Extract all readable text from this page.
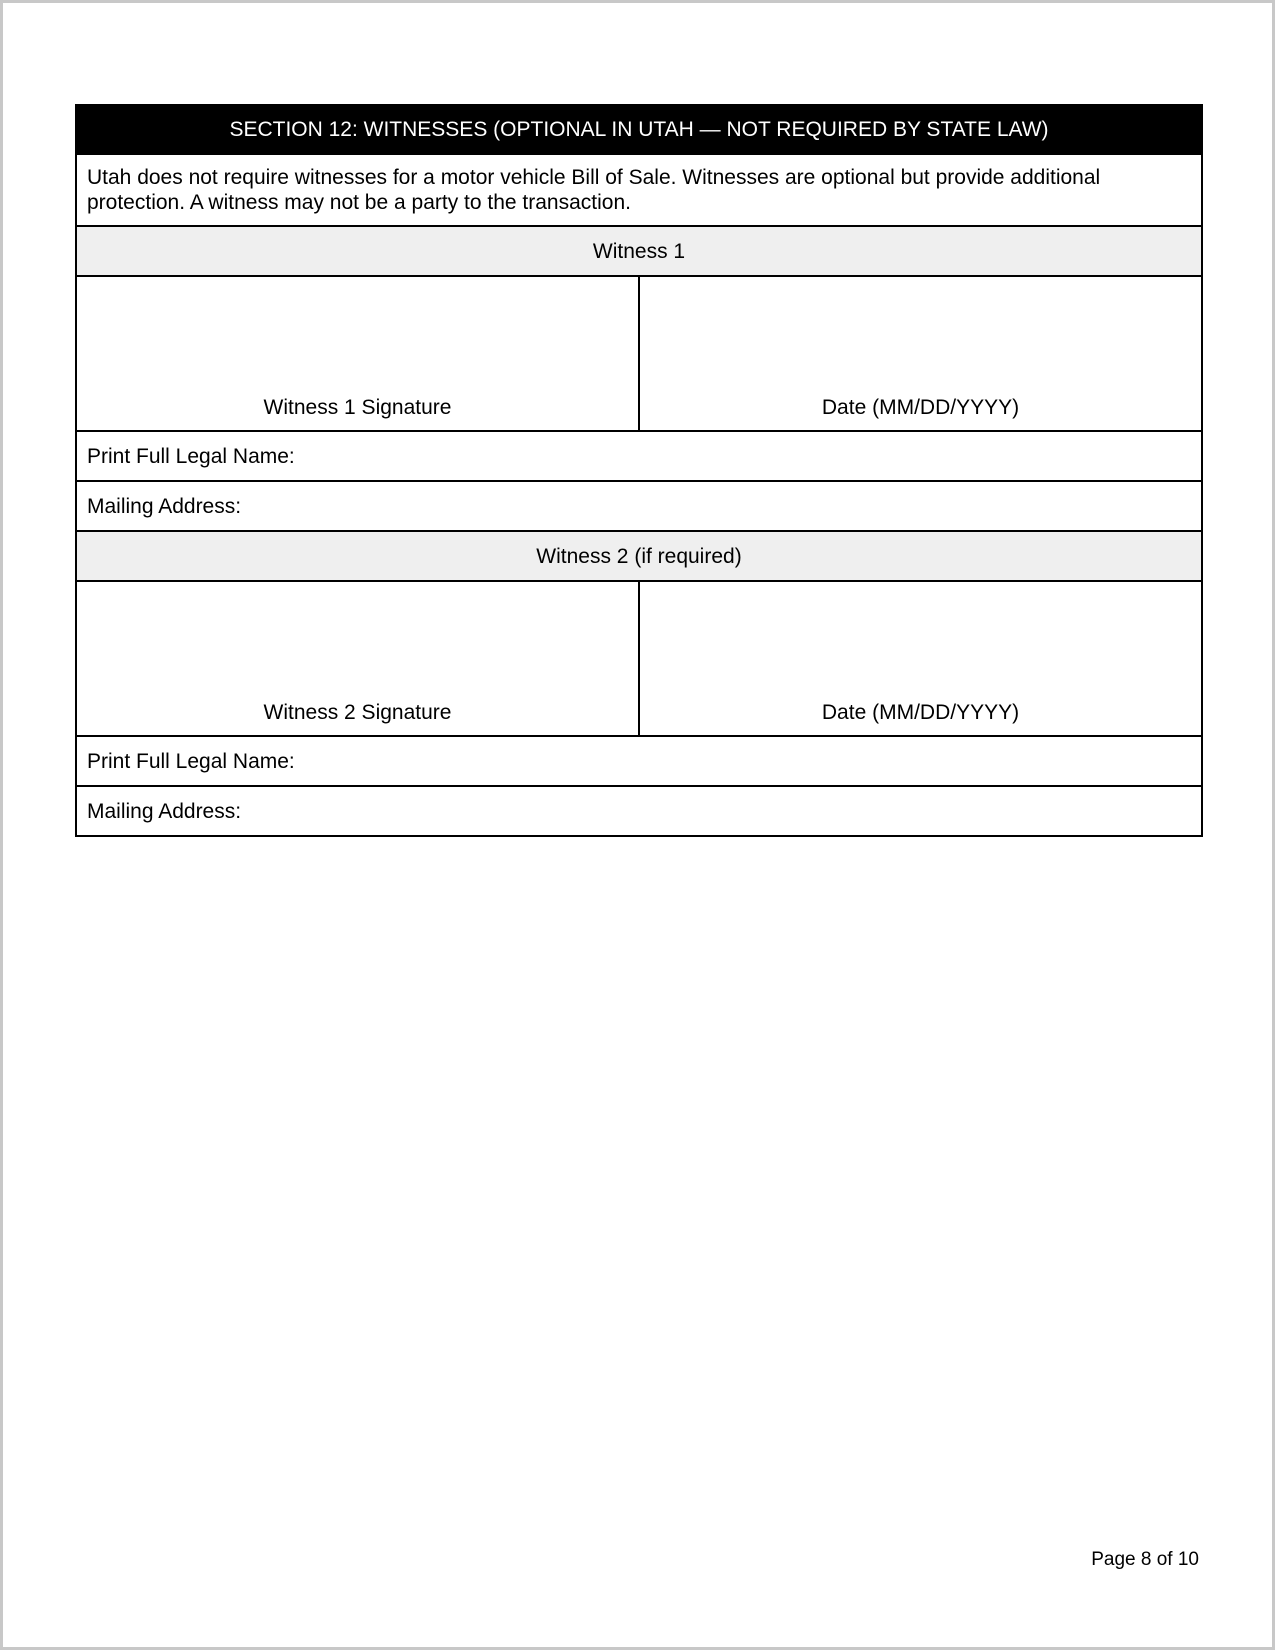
SECTION 12: WITNESSES (OPTIONAL IN UTAH — NOT REQUIRED BY STATE LAW)	
Utah does not require witnesses for a motor vehicle Bill of Sale. Witnesses are optional but provide additional protection. A witness may not be a party to the transaction.	
Witness 1	
Witness 1 Signature	Date (MM/DD/YYYY)
Print Full Legal Name:	
Mailing Address:	
Witness 2 (if required)	
Witness 2 Signature	Date (MM/DD/YYYY)
Print Full Legal Name:	
Mailing Address:	
Page 8 of 10
